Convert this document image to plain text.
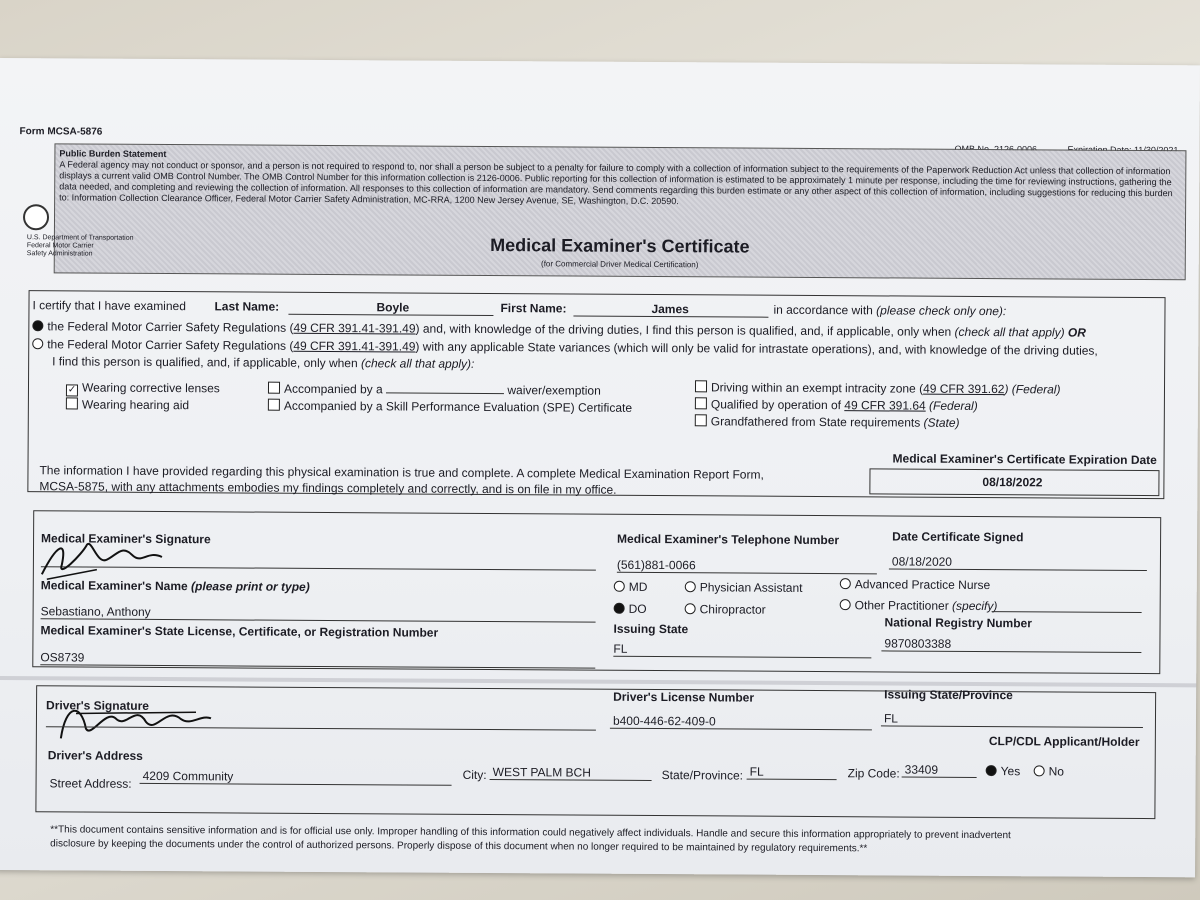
Form MCSA-5876
Public Burden Statement
A Federal agency may not conduct or sponsor, and a person is not required to respond to, nor shall a person be subject to a penalty for failure to comply with a collection of information subject to the requirements of the Paperwork Reduction Act unless that collection of information displays a current valid OMB Control Number. The OMB Control Number for this information collection is 2126-0006. Public reporting for this collection of information is estimated to be approximately 1 minute per response, including the time for reviewing instructions, gathering the data needed, and completing and reviewing the collection of information. All responses to this collection of information are mandatory. Send comments regarding this burden estimate or any other aspect of this collection of information, including suggestions for reducing this burden to: Information Collection Clearance Officer, Federal Motor Carrier Safety Administration, MC-RRA, 1200 New Jersey Avenue, SE, Washington, D.C. 20590.
U.S. Department of Transportation
Federal Motor Carrier
Safety Administration	Medical Examiner's Certificate
(for Commercial Driver Medical Certification)
I certify that I have examined Last Name:	Boyle	First Name:	James	in accordance with (please check only one):
the Federal Motor Carrier Safety Regulations (49 CFR 391.41-391.49) and, with knowledge of the driving duties, I find this person is qualified, and, if applicable, only when (check all that apply) OR
the Federal Motor Carrier Safety Regulations (49 CFR 391.41-391.49) with any applicable State variances (which will only be valid for intrastate operations), and, with knowledge of the driving duties,
I find this person is qualified, and, if applicable, only when (check all that apply):
✓ Wearing corrective lenses
Wearing hearing aid
Accompanied by a	waiver/exemption
Accompanied by a Skill Performance Evaluation (SPE) Certificate
Driving within an exempt intracity zone (49 CFR 391.62) (Federal)
Qualified by operation of 49 CFR 391.64 (Federal)
Grandfathered from State requirements (State)
The information I have provided regarding this physical examination is true and complete. A complete Medical Examination Report Form,
MCSA-5875, with any attachments embodies my findings completely and correctly, and is on file in my office.
Medical Examiner's Certificate Expiration Date
08/18/2022
Medical Examiner's Signature
Medical Examiner's Name (please print or type)
Sebastiano, Anthony
Medical Examiner's State License, Certificate, or Registration Number
OS8739
Medical Examiner's Telephone Number
(561)881-0066
Date Certificate Signed
08/18/2020
MD
DO
Physician Assistant
Chiropractor
Advanced Practice Nurse
Other Practitioner (specify)
Issuing State
FL
National Registry Number
9870803388
Driver's Signature
Driver's License Number
b400-446-62-409-0
Issuing State/Province
FL
Driver's Address
CLP/CDL Applicant/Holder
Street Address:
4209 Community	City: WEST PALM BCH	State/Province: FL	Zip Code: 33409	Yes	No
**This document contains sensitive information and is for official use only. Improper handling of this information could negatively affect individuals. Handle and secure this information appropriately to prevent inadvertent
disclosure by keeping the documents under the control of authorized persons. Properly dispose of this document when no longer required to be maintained by regulatory requirements.**
